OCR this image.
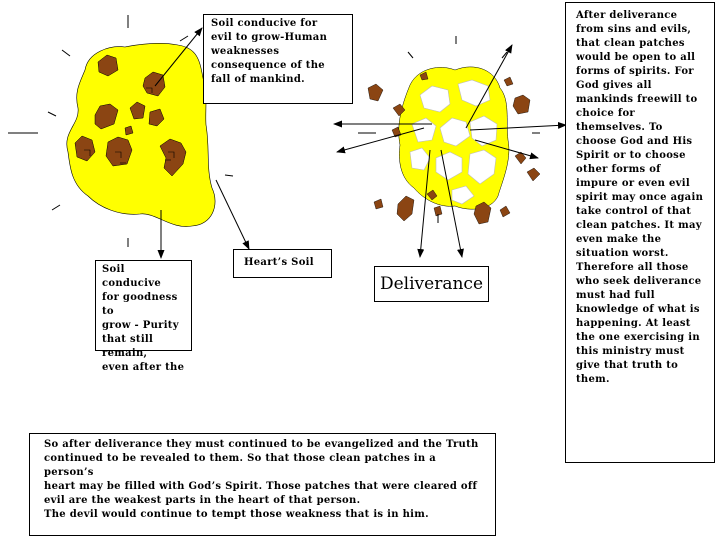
Soil conducive for
evil to grow-Human
weaknesses
consequence of the
fall of mankind.
Soil conducive
for goodness to
grow - Purity
that still remain,
even after the
Heart’s Soil
Deliverance
After deliverance
from sins and evils,
that clean patches
would be open to all
forms of spirits. For
God gives all
mankinds freewill to
choice for
themselves. To
choose God and His
Spirit or to choose
other forms of
impure or even evil
spirit may once again
take control of that
clean patches. It may
even make the
situation worst.
Therefore all those
who seek deliverance
must had full
knowledge of what is
happening. At least
the one exercising in
this ministry must
give that truth to
them.
So after deliverance they must continued to be evangelized and the Truth
continued to be revealed to them. So that those clean patches in a person’s
heart may be filled with God’s Spirit. Those patches that were cleared off
evil are the weakest parts in the heart of that person.
The devil would continue to tempt those weakness that is in him.
